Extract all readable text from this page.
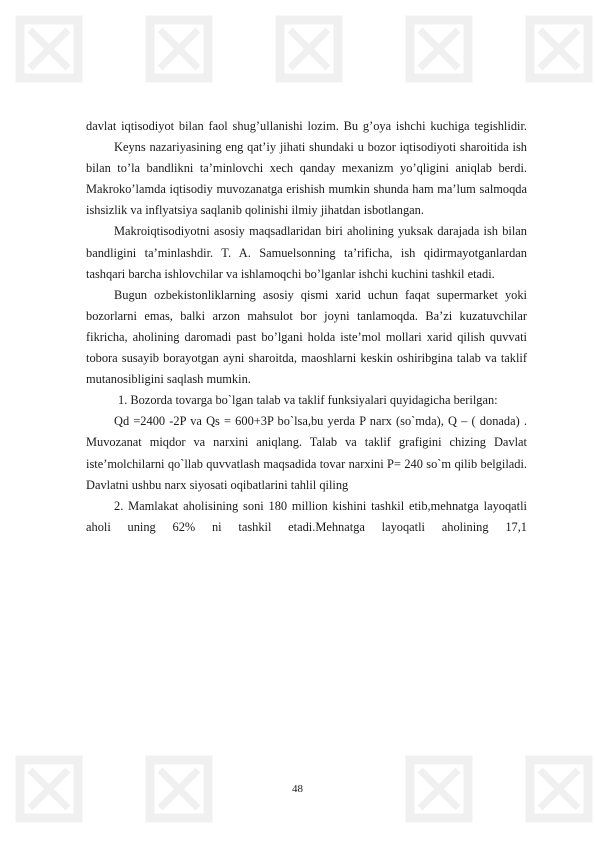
davlat iqtisodiyot bilan faol shug’ullanishi lozim. Bu g’oya ishchi kuchiga tegishlidir.

Keyns nazariyasining eng qat’iy jihati shundaki u bozor iqtisodiyoti sharoitida ish bilan to’la bandlikni ta’minlovchi xech qanday mexanizm yo’qligini aniqlab berdi. Makroko’lamda iqtisodiy muvozanatga erishish mumkin shunda ham ma’lum salmoqda ishsizlik va inflyatsiya saqlanib qolinishi ilmiy jihatdan isbotlangan.

Makroiqtisodiyotni asosiy maqsadlaridan biri aholining yuksak darajada ish bilan bandligini ta’minlashdir. T. A. Samuelsonning ta’rificha, ish qidirmayotganlardan tashqari barcha ishlovchilar va ishlamoqchi bo’lganlar ishchi kuchini tashkil etadi.

Bugun ozbekistonliklarning asosiy qismi xarid uchun faqat supermarket yoki bozorlarni emas, balki arzon mahsulot bor joyni tanlamoqda. Ba’zi kuzatuvchilar fikricha, aholining daromadi past bo’lgani holda iste’mol mollari xarid qilish quvvati tobora susayib borayotgan ayni sharoitda, maoshlarni keskin oshiribgina talab va taklif mutanosibligini saqlash mumkin.

1. Bozorda tovarga bo`lgan talab va taklif funksiyalari quyidagicha berilgan:

Qd =2400 -2P va Qs = 600+3P bo`lsa,bu yerda P narx (so`mda), Q – ( donada) . Muvozanat miqdor va narxini aniqlang. Talab va taklif grafigini chizing Davlat iste’molchilarni qo`llab quvvatlash maqsadida tovar narxini P= 240 so`m qilib belgiladi. Davlatni ushbu narx siyosati oqibatlarini tahlil qiling

2. Mamlakat aholisining soni 180 million kishini tashkil etib,mehnatga layoqatli aholi uning 62% ni tashkil etadi.Mehnatga layoqatli aholining 17,1

48
